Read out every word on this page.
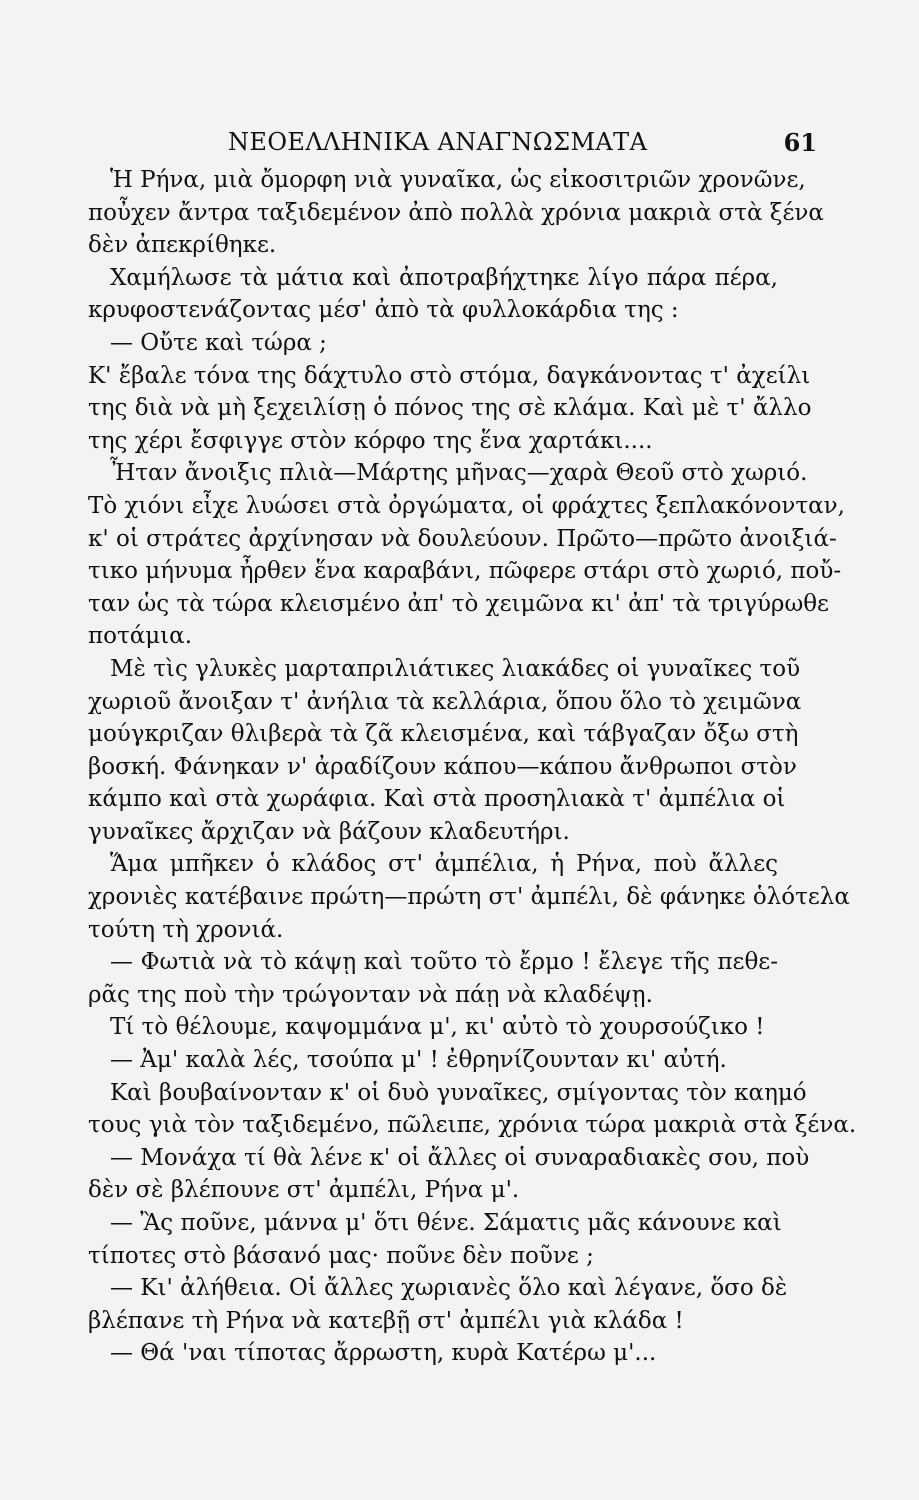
ΝΕΟΕΛΛΗΝΙΚΑ ΑΝΑΓΝΩΣΜΑΤΑ	61
Ἡ Ρήνα, μιὰ ὄμορφη νιὰ γυναῖκα, ὡς εἰκοσιτριῶν χρονῶνε,
ποὖχεν ἄντρα ταξιδεμένον ἀπὸ πολλὰ χρόνια μακριὰ στὰ ξένα
δὲν ἀπεκρίθηκε.
Χαμήλωσε τὰ μάτια καὶ ἀποτραβήχτηκε λίγο πάρα πέρα,
κρυφοστενάζοντας μέσ' ἀπὸ τὰ φυλλοκάρδια της :
— Οὔτε καὶ τώρα ;
Κ' ἔβαλε τόνα της δάχτυλο στὸ στόμα, δαγκάνοντας τ' ἀχείλι
της διὰ νὰ μὴ ξεχειλίσῃ ὁ πόνος της σὲ κλάμα. Καὶ μὲ τ' ἄλλο
της χέρι ἔσφιγγε στὸν κόρφο της ἕνα χαρτάκι....
Ἦταν ἄνοιξις πλιὰ—Μάρτης μῆνας—χαρὰ Θεοῦ στὸ χωριό.
Τὸ χιόνι εἶχε λυώσει στὰ ὀργώματα, οἱ φράχτες ξεπλακόνονταν,
κ' οἱ στράτες ἀρχίνησαν νὰ δουλεύουν. Πρῶτο—πρῶτο ἀνοιξιά-
τικο μήνυμα ἦρθεν ἕνα καραβάνι, πῶφερε στάρι στὸ χωριό, ποὔ-
ταν ὡς τὰ τώρα κλεισμένο ἀπ' τὸ χειμῶνα κι' ἀπ' τὰ τριγύρωθε
ποτάμια.
Μὲ τὶς γλυκὲς μαρταπριλιάτικες λιακάδες οἱ γυναῖκες τοῦ
χωριοῦ ἄνοιξαν τ' ἀνήλια τὰ κελλάρια, ὅπου ὅλο τὸ χειμῶνα
μούγκριζαν θλιβερὰ τὰ ζᾶ κλεισμένα, καὶ τάβγαζαν ὄξω στὴ
βοσκή. Φάνηκαν ν' ἀραδίζουν κάπου—κάπου ἄνθρωποι στὸν
κάμπο καὶ στὰ χωράφια. Καὶ στὰ προσηλιακὰ τ' ἀμπέλια οἱ
γυναῖκες ἄρχιζαν νὰ βάζουν κλαδευτήρι.
Ἅμα μπῆκεν ὁ κλάδος στ' ἀμπέλια, ἡ Ρήνα, ποὺ ἄλλες
χρονιὲς κατέβαινε πρώτη—πρώτη στ' ἀμπέλι, δὲ φάνηκε ὁλότελα
τούτη τὴ χρονιά.
— Φωτιὰ νὰ τὸ κάψῃ καὶ τοῦτο τὸ ἔρμο ! ἔλεγε τῆς πεθε-
ρᾶς της ποὺ τὴν τρώγονταν νὰ πάῃ νὰ κλαδέψῃ.
Τί τὸ θέλουμε, καψομμάνα μ', κι' αὐτὸ τὸ χουρσούζικο !
— Ἀμ' καλὰ λές, τσούπα μ' ! ἐθρηνίζουνταν κι' αὐτή.
Καὶ βουβαίνονταν κ' οἱ δυὸ γυναῖκες, σμίγοντας τὸν καημό
τους γιὰ τὸν ταξιδεμένο, πῶλειπε, χρόνια τώρα μακριὰ στὰ ξένα.
— Μονάχα τί θὰ λένε κ' οἱ ἄλλες οἱ συναραδιακὲς σου, ποὺ
δὲν σὲ βλέπουνε στ' ἀμπέλι, Ρήνα μ'.
— Ἂς ποῦνε, μάννα μ' ὅτι θένε. Σάματις μᾶς κάνουνε καὶ
τίποτες στὸ βάσανό μας· ποῦνε δὲν ποῦνε ;
— Κι' ἀλήθεια. Οἱ ἄλλες χωριανὲς ὅλο καὶ λέγανε, ὅσο δὲ
βλέπανε τὴ Ρήνα νὰ κατεβῇ στ' ἀμπέλι γιὰ κλάδα !
— Θά 'ναι τίποτας ἄρρωστη, κυρὰ Κατέρω μ'...
